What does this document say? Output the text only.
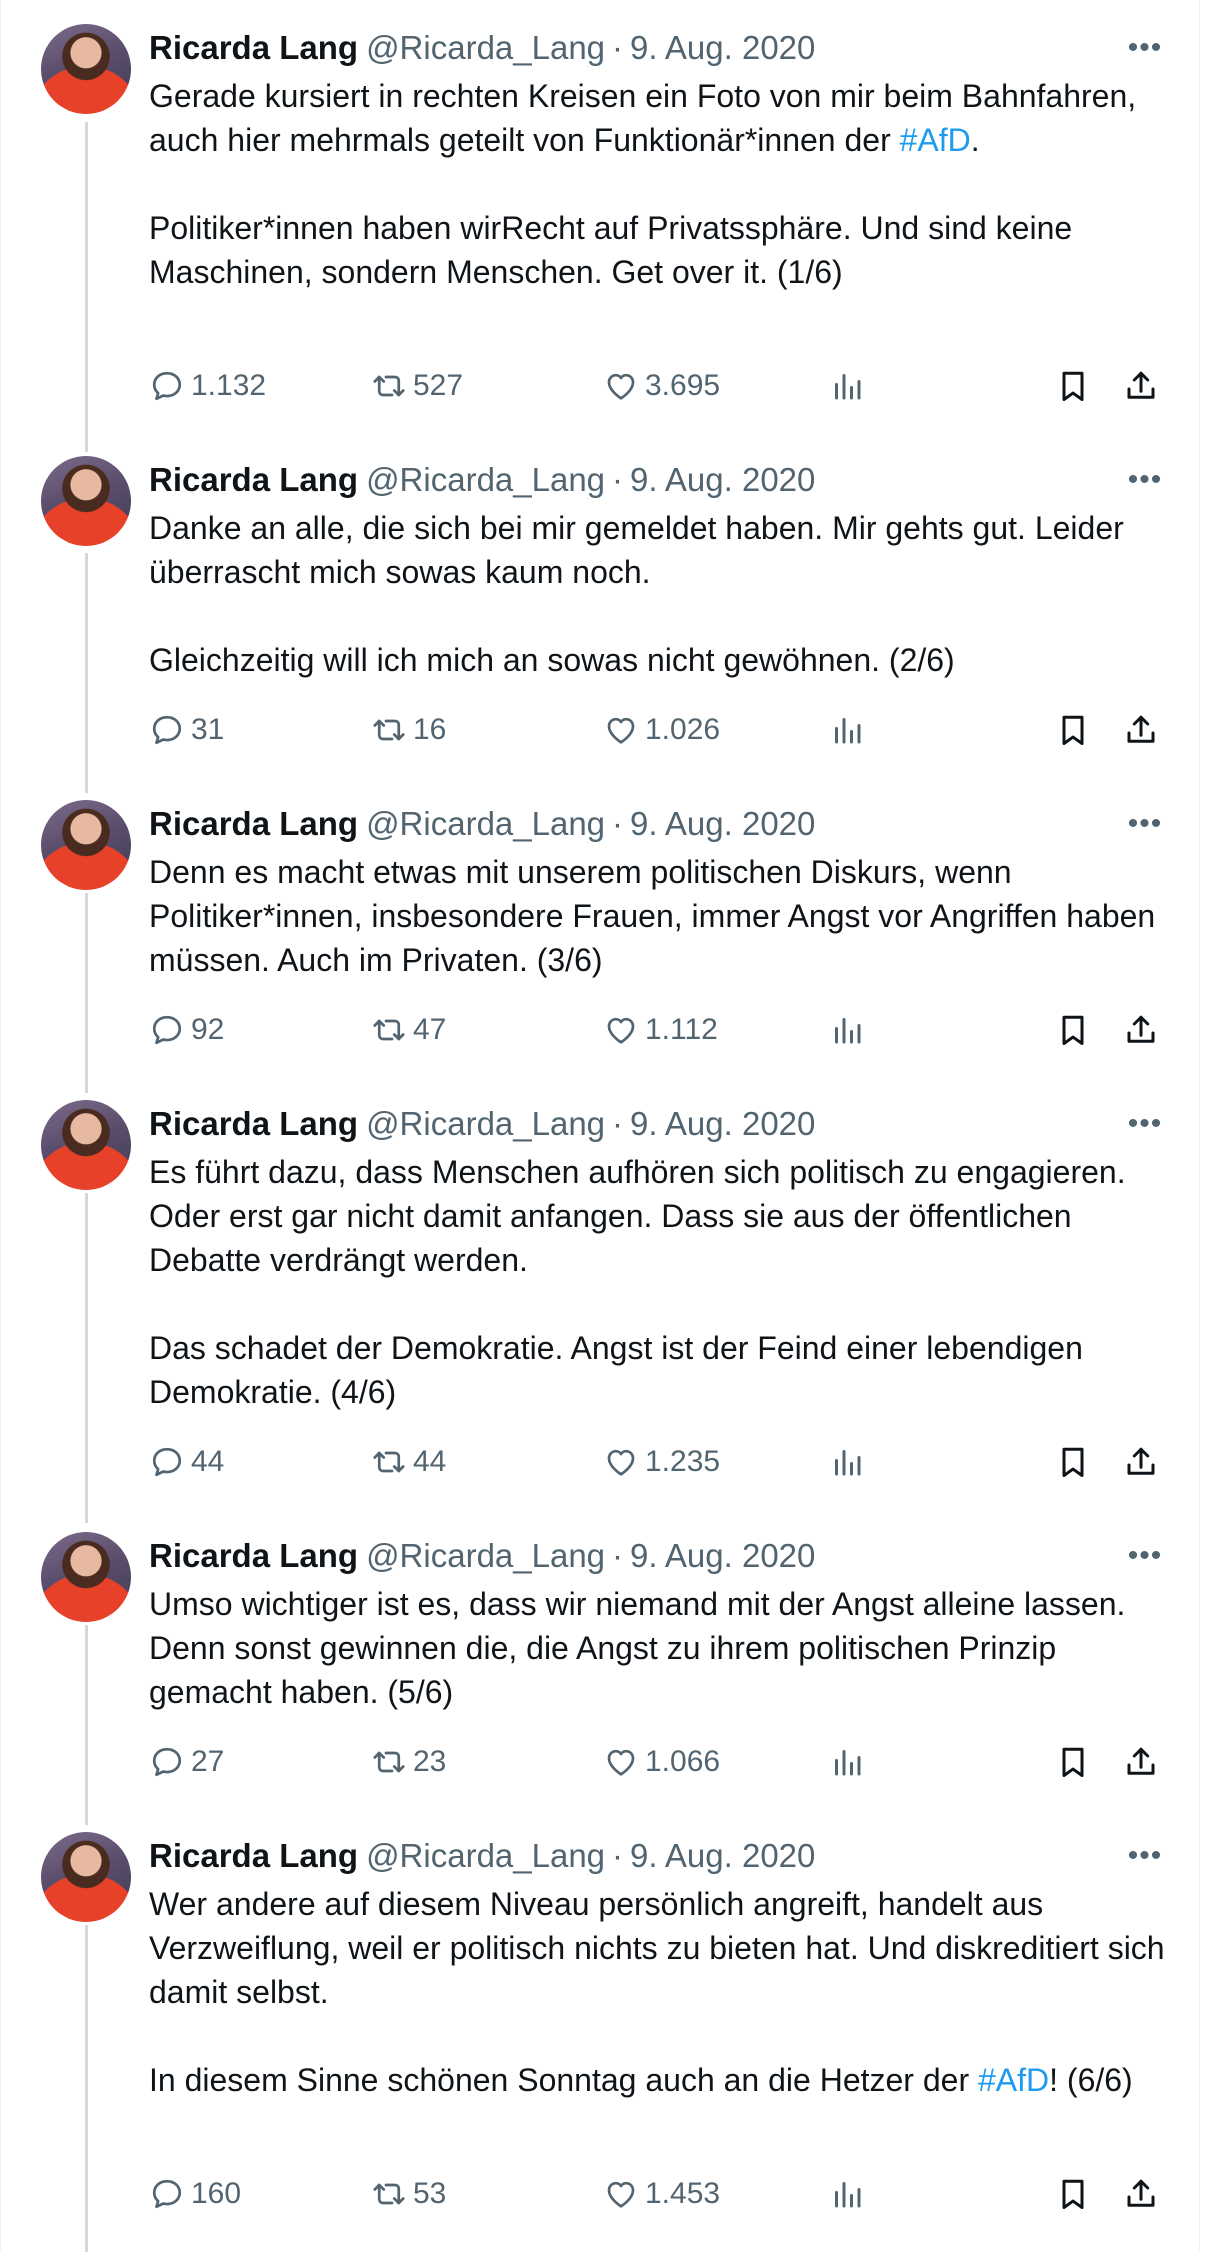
Ricarda Lang @Ricarda_Lang · 9. Aug. 2020	•••

Gerade kursiert in rechten Kreisen ein Foto von mir beim Bahnfahren, auch hier mehrmals geteilt von Funktionär*innen der #AfD.

Politiker*innen haben wirRecht auf Privatssphäre. Und sind keine Maschinen, sondern Menschen. Get over it. (1/6)

1.132	527	3.695
Ricarda Lang @Ricarda_Lang · 9. Aug. 2020	•••

Danke an alle, die sich bei mir gemeldet haben. Mir gehts gut. Leider überrascht mich sowas kaum noch.

Gleichzeitig will ich mich an sowas nicht gewöhnen. (2/6)

31	16	1.026
Ricarda Lang @Ricarda_Lang · 9. Aug. 2020	•••

Denn es macht etwas mit unserem politischen Diskurs, wenn Politiker*innen, insbesondere Frauen, immer Angst vor Angriffen haben müssen. Auch im Privaten. (3/6)

92	47	1.112
Ricarda Lang @Ricarda_Lang · 9. Aug. 2020	•••

Es führt dazu, dass Menschen aufhören sich politisch zu engagieren. Oder erst gar nicht damit anfangen. Dass sie aus der öffentlichen Debatte verdrängt werden.

Das schadet der Demokratie. Angst ist der Feind einer lebendigen Demokratie. (4/6)

44	44	1.235
Ricarda Lang @Ricarda_Lang · 9. Aug. 2020	•••

Umso wichtiger ist es, dass wir niemand mit der Angst alleine lassen. Denn sonst gewinnen die, die Angst zu ihrem politischen Prinzip gemacht haben. (5/6)

27	23	1.066
Ricarda Lang @Ricarda_Lang · 9. Aug. 2020	•••

Wer andere auf diesem Niveau persönlich angreift, handelt aus Verzweiflung, weil er politisch nichts zu bieten hat. Und diskreditiert sich damit selbst.

In diesem Sinne schönen Sonntag auch an die Hetzer der #AfD! (6/6)

160	53	1.453
